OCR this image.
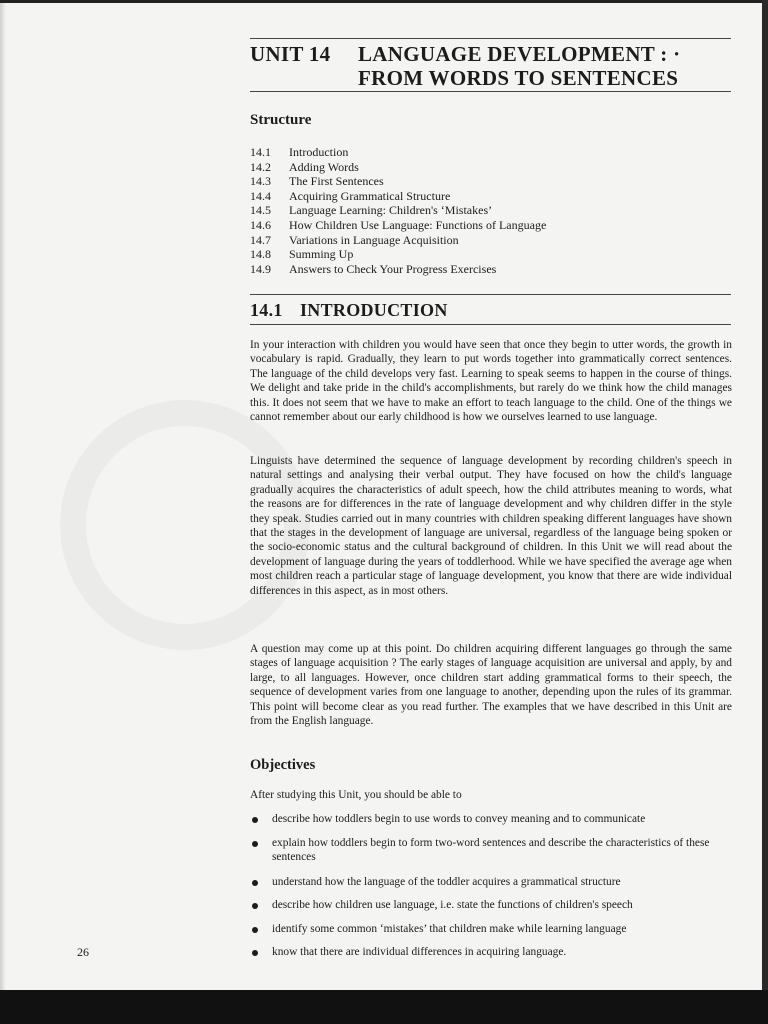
UNIT 14 LANGUAGE DEVELOPMENT : ·
FROM WORDS TO SENTENCES
Structure
14.1	Introduction
14.2	Adding Words
14.3	The First Sentences
14.4	Acquiring Grammatical Structure
14.5	Language Learning: Children's ‘Mistakes’
14.6	How Children Use Language: Functions of Language
14.7	Variations in Language Acquisition
14.8	Summing Up
14.9	Answers to Check Your Progress Exercises
14.1 INTRODUCTION
In your interaction with children you would have seen that once they begin to utter words, the growth in vocabulary is rapid. Gradually, they learn to put words together into grammatically correct sentences. The language of the child develops very fast. Learning to speak seems to happen in the course of things. We delight and take pride in the child's accomplishments, but rarely do we think how the child manages this. It does not seem that we have to make an effort to teach language to the child. One of the things we cannot remember about our early childhood is how we ourselves learned to use language.
Linguists have determined the sequence of language development by recording children's speech in natural settings and analysing their verbal output. They have focused on how the child's language gradually acquires the characteristics of adult speech, how the child attributes meaning to words, what the reasons are for differences in the rate of language development and why children differ in the style they speak. Studies carried out in many countries with children speaking different languages have shown that the stages in the development of language are universal, regardless of the language being spoken or the socio-economic status and the cultural background of children. In this Unit we will read about the development of language during the years of toddlerhood. While we have specified the average age when most children reach a particular stage of language development, you know that there are wide individual differences in this aspect, as in most others.
A question may come up at this point. Do children acquiring different languages go through the same stages of language acquisition ? The early stages of language acquisition are universal and apply, by and large, to all languages. However, once children start adding grammatical forms to their speech, the sequence of development varies from one language to another, depending upon the rules of its grammar. This point will become clear as you read further. The examples that we have described in this Unit are from the English language.
Objectives
After studying this Unit, you should be able to
describe how toddlers begin to use words to convey meaning and to communicate
explain how toddlers begin to form two-word sentences and describe the characteristics of these sentences
understand how the language of the toddler acquires a grammatical structure
describe how children use language, i.e. state the functions of children's speech
identify some common ‘mistakes’ that children make while learning language
know that there are individual differences in acquiring language.
26
